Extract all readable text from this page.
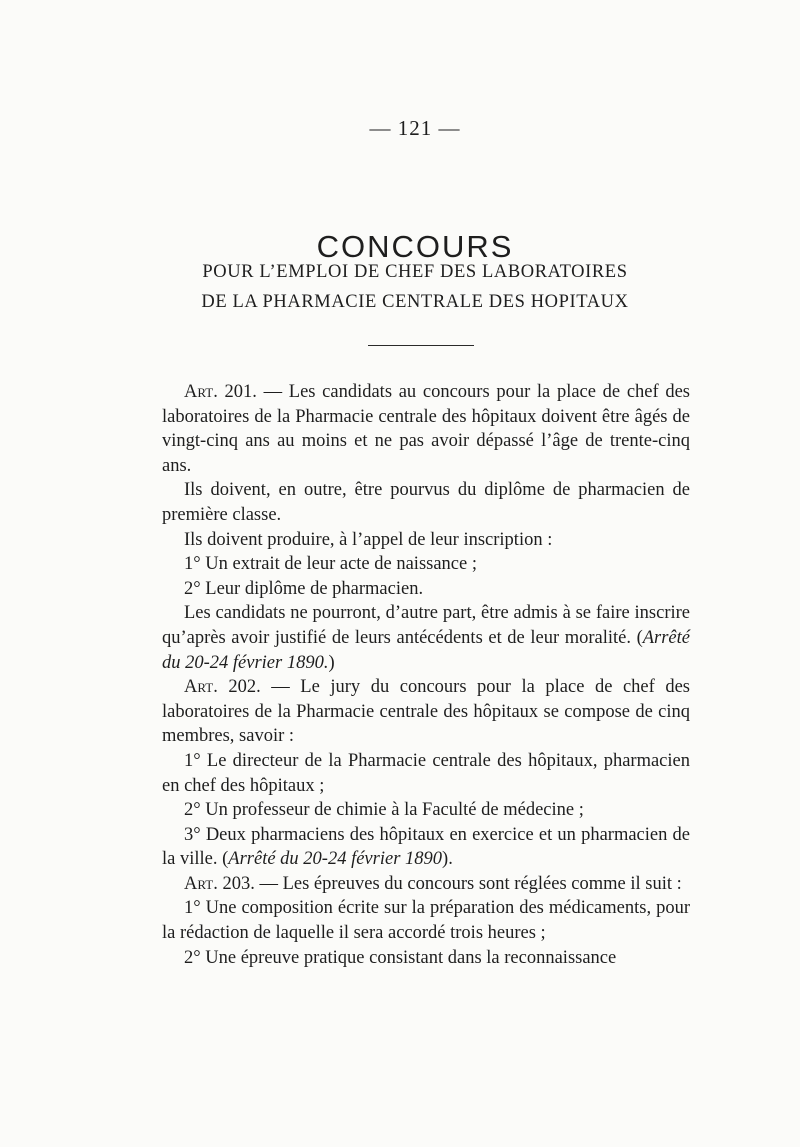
— 121 —
CONCOURS
POUR L’EMPLOI DE CHEF DES LABORATOIRES
DE LA PHARMACIE CENTRALE DES HOPITAUX

Art. 201. — Les candidats au concours pour la place de chef des laboratoires de la Pharmacie centrale des hôpitaux doivent être âgés de vingt-cinq ans au moins et ne pas avoir dépassé l’âge de trente-cinq ans.

Ils doivent, en outre, être pourvus du diplôme de pharmacien de première classe.

Ils doivent produire, à l’appel de leur inscription :

1° Un extrait de leur acte de naissance ;

2° Leur diplôme de pharmacien.

Les candidats ne pourront, d’autre part, être admis à se faire inscrire qu’après avoir justifié de leurs antécédents et de leur moralité. (Arrêté du 20-24 février 1890.)

Art. 202. — Le jury du concours pour la place de chef des laboratoires de la Pharmacie centrale des hôpitaux se compose de cinq membres, savoir :

1° Le directeur de la Pharmacie centrale des hôpitaux, pharmacien en chef des hôpitaux ;

2° Un professeur de chimie à la Faculté de médecine ;

3° Deux pharmaciens des hôpitaux en exercice et un pharmacien de la ville. (Arrêté du 20-24 février 1890).

Art. 203. — Les épreuves du concours sont réglées comme il suit :

1° Une composition écrite sur la préparation des médicaments, pour la rédaction de laquelle il sera accordé trois heures ;

2° Une épreuve pratique consistant dans la reconnaissance
